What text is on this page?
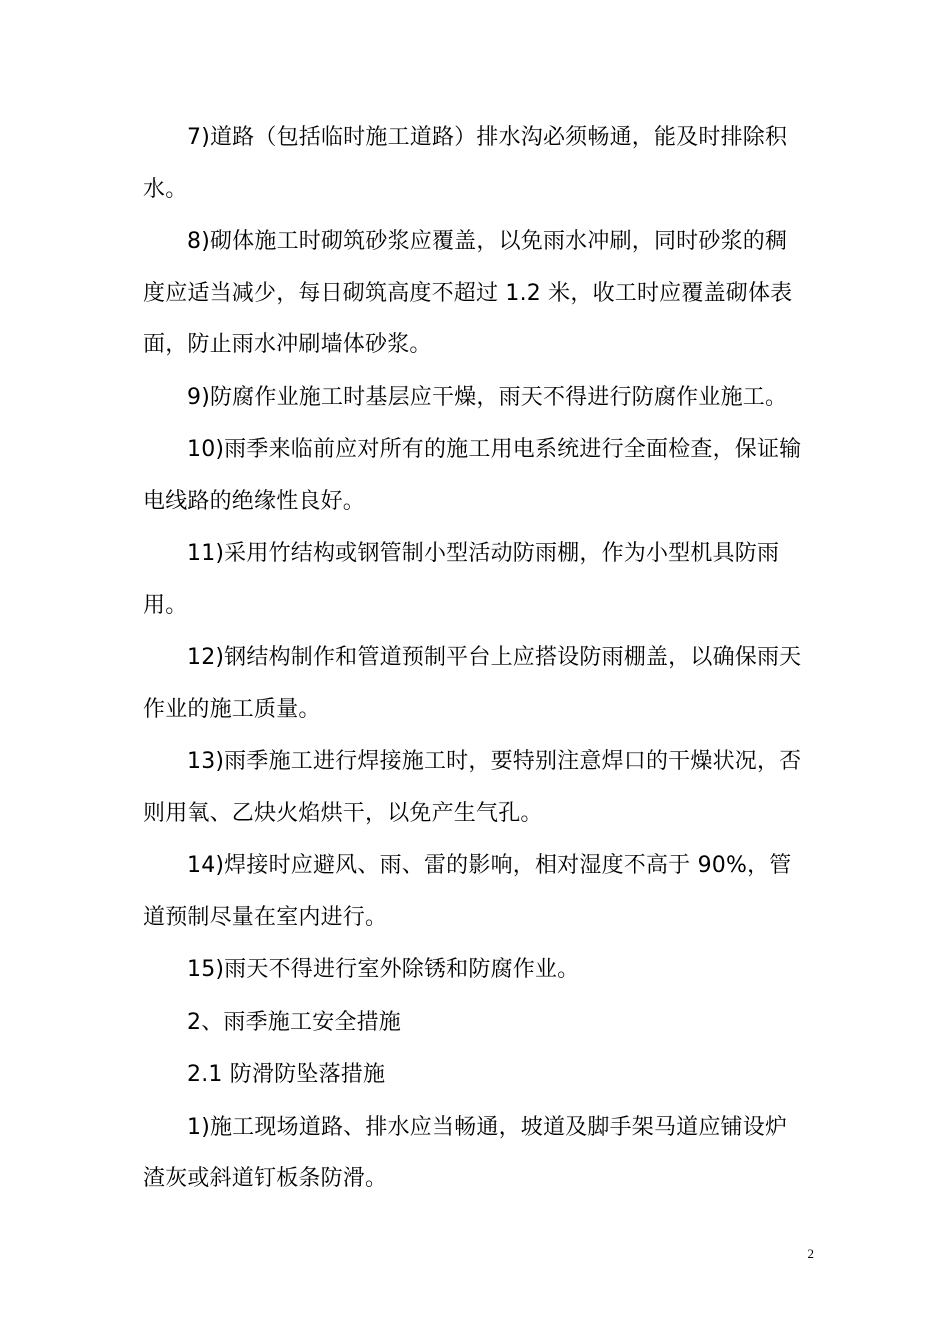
7)道路（包括临时施工道路）排水沟必须畅通，能及时排除积水。

8)砌体施工时砌筑砂浆应覆盖，以免雨水冲刷，同时砂浆的稠度应适当减少，每日砌筑高度不超过 1.2 米，收工时应覆盖砌体表面，防止雨水冲刷墙体砂浆。

9)防腐作业施工时基层应干燥，雨天不得进行防腐作业施工。

10)雨季来临前应对所有的施工用电系统进行全面检查，保证输电线路的绝缘性良好。

11)采用竹结构或钢管制小型活动防雨棚，作为小型机具防雨用。

12)钢结构制作和管道预制平台上应搭设防雨棚盖，以确保雨天作业的施工质量。

13)雨季施工进行焊接施工时，要特别注意焊口的干燥状况，否则用氧、乙炔火焰烘干，以免产生气孔。

14)焊接时应避风、雨、雷的影响，相对湿度不高于 90%，管道预制尽量在室内进行。

15)雨天不得进行室外除锈和防腐作业。

2、雨季施工安全措施

2.1 防滑防坠落措施

1)施工现场道路、排水应当畅通，坡道及脚手架马道应铺设炉渣灰或斜道钉板条防滑。

2
